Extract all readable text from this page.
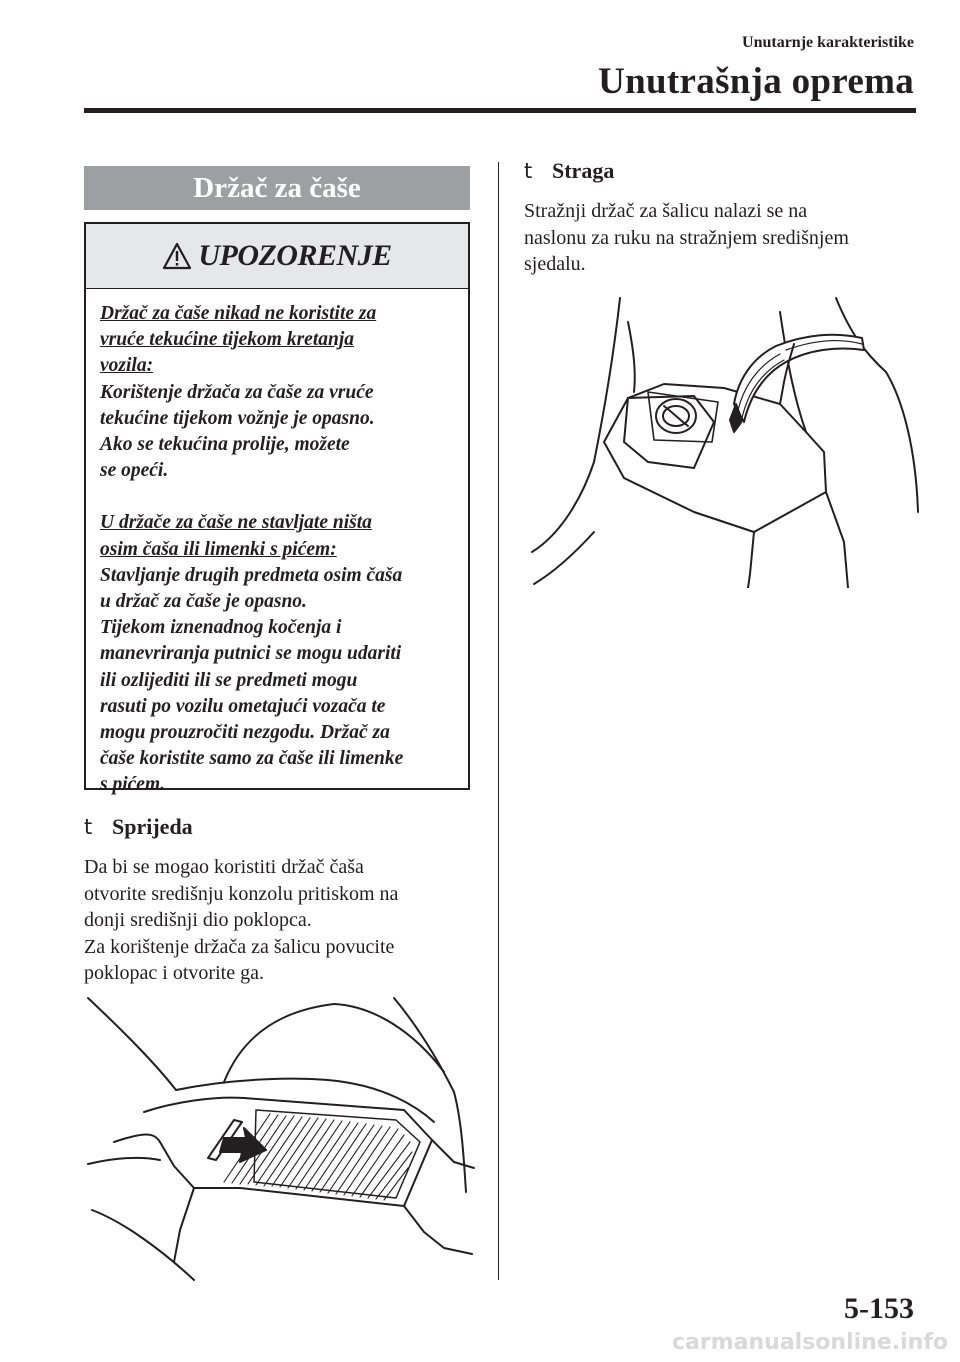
Unutarnje karakteristike
Unutrašnja oprema
Držač za čaše
UPOZORENJE

Držač za čaše nikad ne koristite za

vruće tekućine tijekom kretanja

vozila:

Korištenje držača za čaše za vruće

tekućine tijekom vožnje je opasno.

Ako se tekućina prolije, možete

se opeći.

U držače za čaše ne stavljate ništa

osim čaša ili limenki s pićem:

Stavljanje drugih predmeta osim čaša

u držač za čaše je opasno.

Tijekom iznenadnog kočenja i

manevriranja putnici se mogu udariti

ili ozlijediti ili se predmeti mogu

rasuti po vozilu ometajući vozača te

mogu prouzročiti nezgodu. Držač za

čaše koristite samo za čaše ili limenke

s pićem.

t Sprijeda
Da bi se mogao koristiti držač čaša
otvorite središnju konzolu pritiskom na
donji središnji dio poklopca.
Za korištenje držača za šalicu povucite
poklopac i otvorite ga.
t Straga
Stražnji držač za šalicu nalazi se na
naslonu za ruku na stražnjem središnjem
sjedalu.
5-153
carmanualsonline.info
